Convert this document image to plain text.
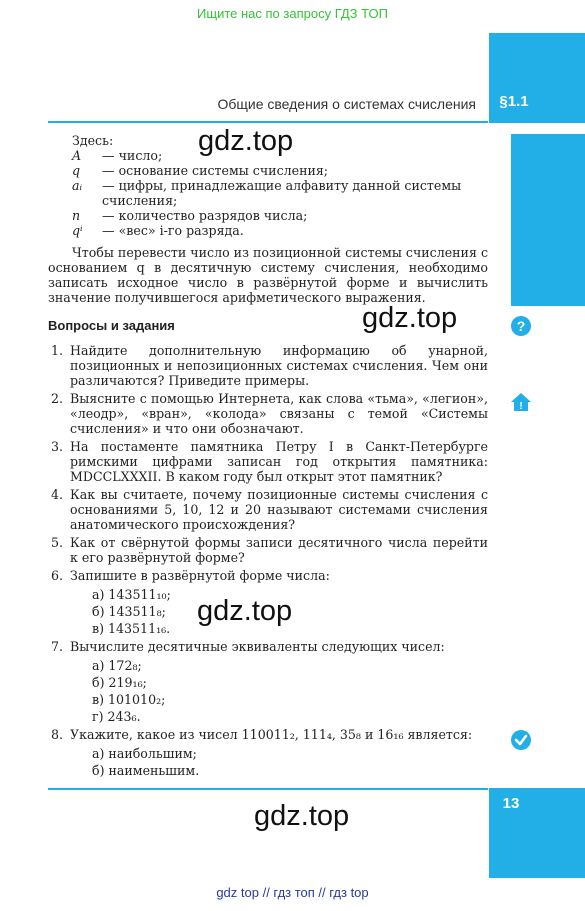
Ищите нас по запросу ГДЗ ТОП
Общие сведения о системах счисления	§1.1
gdz.top
gdz.top
gdz.top
gdz.top
Здесь:
A	— число;
q	— основание системы счисления;
aᵢ	— цифры, принадлежащие алфавиту данной системы
счисления;
n	— количество разрядов числа;
qⁱ	— «вес» i-го разряда.
Чтобы перевести число из позиционной системы счисления с основанием q в десятичную систему счисления, необходимо записать исходное число в развёрнутой форме и вычислить значение получившегося арифметического выражения.
Вопросы и задания	?
!
1. Найдите дополнительную информацию об унарной, позиционных и непозиционных системах счисления. Чем они различаются? Приведите примеры.
2. Выясните с помощью Интернета, как слова «тьма», «легион», «леодр», «вран», «колода» связаны с темой «Системы счисления» и что они обозначают.
3. На постаменте памятника Петру I в Санкт-Петербурге римскими цифрами записан год открытия памятника: MDCCLXXXII. В каком году был открыт этот памятник?
4. Как вы считаете, почему позиционные системы счисления с основаниями 5, 10, 12 и 20 называют системами счисления анатомического происхождения?
5. Как от свёрнутой формы записи десятичного числа перейти к его развёрнутой форме?
6. Запишите в развёрнутой форме числа:
а) 143511₁₀;
б) 143511₈;
в) 143511₁₆.
7. Вычислите десятичные эквиваленты следующих чисел:
а) 172₈;
б) 219₁₆;
в) 101010₂;
г) 243₆.
8. Укажите, какое из чисел 110011₂, 111₄, 35₈ и 16₁₆ является:
а) наибольшим;
б) наименьшим.
13
gdz top // гдз топ // гдз top
